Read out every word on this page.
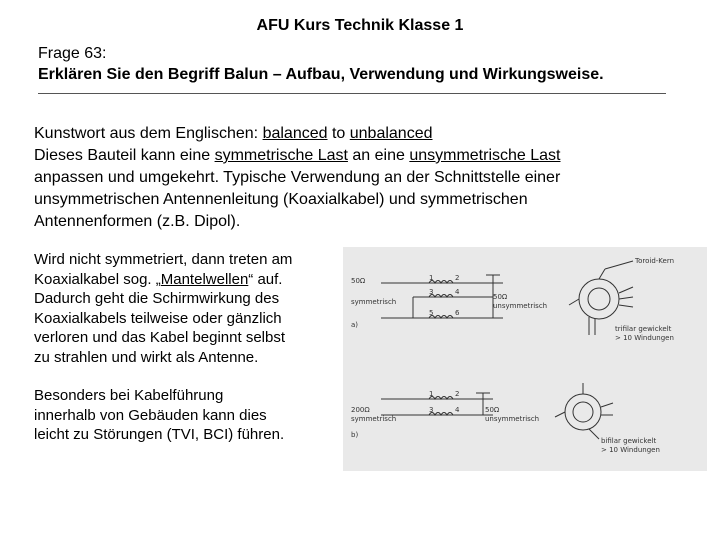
AFU Kurs Technik Klasse 1
Frage 63:
Erklären Sie den Begriff Balun – Aufbau, Verwendung und Wirkungsweise.
Kunstwort aus dem Englischen: balanced to unbalanced
Dieses Bauteil kann eine symmetrische Last an eine unsymmetrische Last
anpassen und umgekehrt. Typische Verwendung an der Schnittstelle einer
unsymmetrischen Antennenleitung (Koaxialkabel) und symmetrischen
Antennenformen (z.B. Dipol).
Wird nicht symmetriert, dann treten am
Koaxialkabel sog. „Mantelwellen“ auf.
Dadurch geht die Schirmwirkung des
Koaxialkabels teilweise oder gänzlich
verloren und das Kabel beginnt selbst
zu strahlen und wirkt als Antenne.
Besonders bei Kabelführung
innerhalb von Gebäuden kann dies
leicht zu Störungen (TVI, BCI) führen.
50Ω
symmetrisch
50Ω
unsymmetrisch
a)
1	2
3	4
5	6
Toroid-Kern
trifilar gewickelt
> 10 Windungen
200Ω
symmetrisch
50Ω
unsymmetrisch
b)
1	2
3	4
bifilar gewickelt
> 10 Windungen
